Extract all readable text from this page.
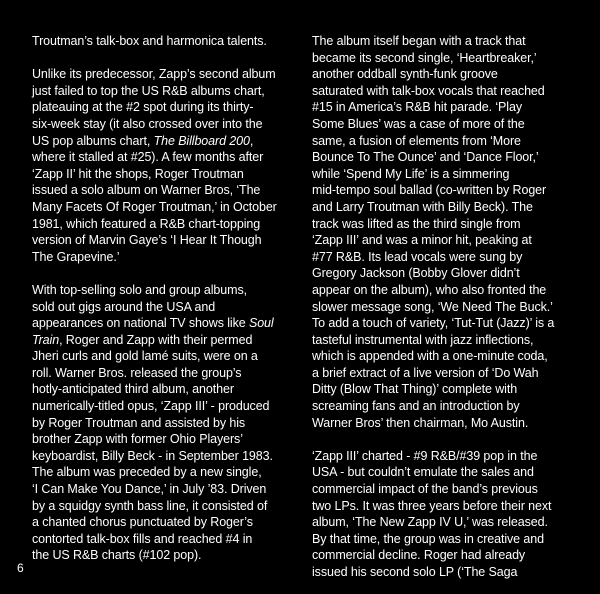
Troutman’s talk-box and harmonica talents.

Unlike its predecessor, Zapp’s second album
just failed to top the US R&B albums chart,
plateauing at the #2 spot during its thirty-
six-week stay (it also crossed over into the
US pop albums chart, The Billboard 200,
where it stalled at #25). A few months after
‘Zapp II’ hit the shops, Roger Troutman
issued a solo album on Warner Bros, ‘The
Many Facets Of Roger Troutman,’ in October
1981, which featured a R&B chart-topping
version of Marvin Gaye’s ‘I Hear It Though
The Grapevine.’

With top-selling solo and group albums,
sold out gigs around the USA and
appearances on national TV shows like Soul
Train, Roger and Zapp with their permed
Jheri curls and gold lamé suits, were on a
roll. Warner Bros. released the group’s
hotly-anticipated third album, another
numerically-titled opus, ‘Zapp III’ - produced
by Roger Troutman and assisted by his
brother Zapp with former Ohio Players’
keyboardist, Billy Beck - in September 1983.
The album was preceded by a new single,
‘I Can Make You Dance,’ in July ’83. Driven
by a squidgy synth bass line, it consisted of
a chanted chorus punctuated by Roger’s
contorted talk-box fills and reached #4 in
the US R&B charts (#102 pop).

The album itself began with a track that
became its second single, ‘Heartbreaker,’
another oddball synth-funk groove
saturated with talk-box vocals that reached
#15 in America’s R&B hit parade. ‘Play
Some Blues’ was a case of more of the
same, a fusion of elements from ‘More
Bounce To The Ounce’ and ‘Dance Floor,’
while ‘Spend My Life’ is a simmering
mid-tempo soul ballad (co-written by Roger
and Larry Troutman with Billy Beck). The
track was lifted as the third single from
‘Zapp III’ and was a minor hit, peaking at
#77 R&B. Its lead vocals were sung by
Gregory Jackson (Bobby Glover didn’t
appear on the album), who also fronted the
slower message song, ‘We Need The Buck.’
To add a touch of variety, ‘Tut-Tut (Jazz)’ is a
tasteful instrumental with jazz inflections,
which is appended with a one-minute coda,
a brief extract of a live version of ‘Do Wah
Ditty (Blow That Thing)’ complete with
screaming fans and an introduction by
Warner Bros’ then chairman, Mo Austin.

‘Zapp III’ charted - #9 R&B/#39 pop in the
USA - but couldn’t emulate the sales and
commercial impact of the band’s previous
two LPs. It was three years before their next
album, ‘The New Zapp IV U,’ was released.
By that time, the group was in creative and
commercial decline. Roger had already
issued his second solo LP (‘The Saga

6
